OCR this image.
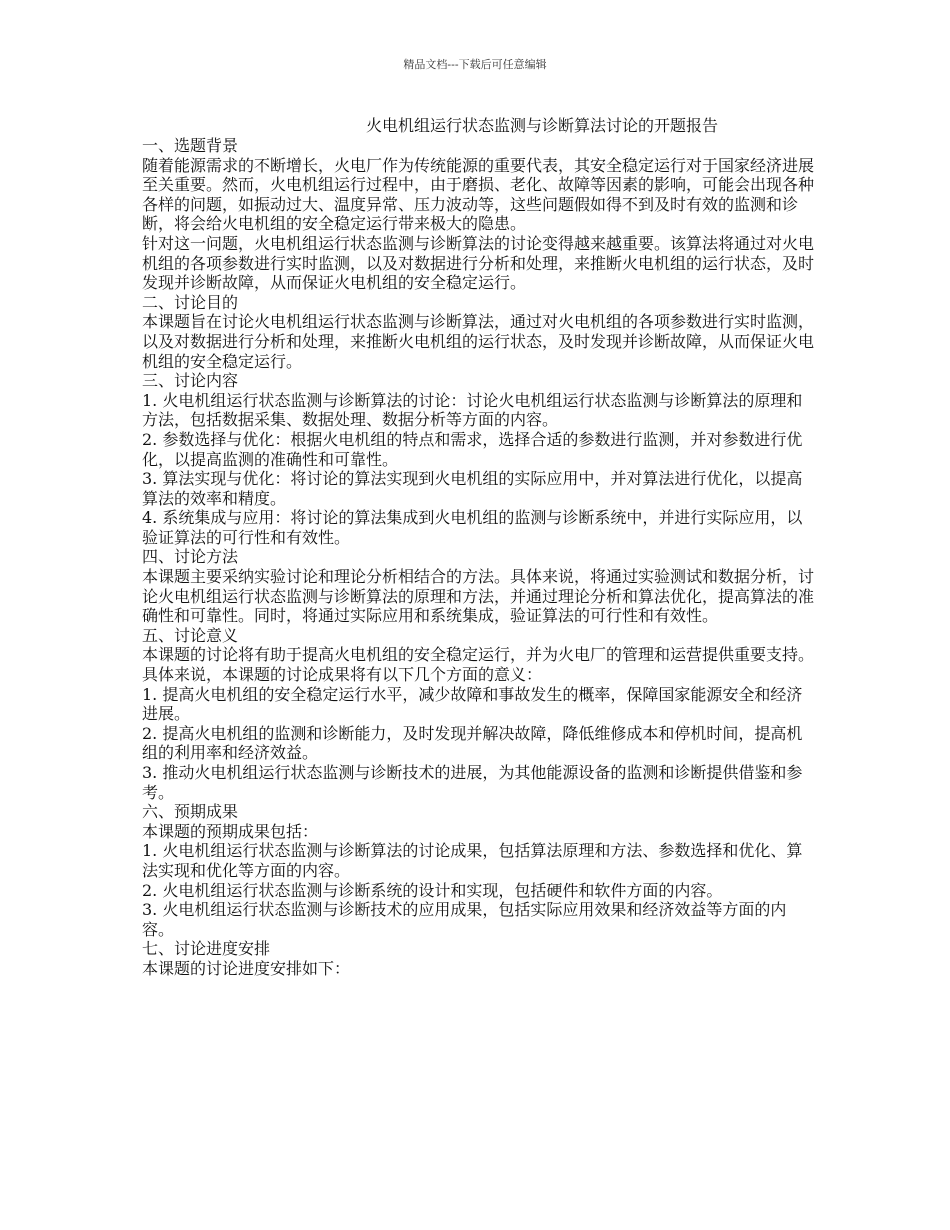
精品文档---下载后可任意编辑
火电机组运行状态监测与诊断算法讨论的开题报告

一、选题背景

随着能源需求的不断增长，火电厂作为传统能源的重要代表，其安全稳定运行对于国家经济进展至关重要。然而，火电机组运行过程中，由于磨损、老化、故障等因素的影响，可能会出现各种各样的问题，如振动过大、温度异常、压力波动等，这些问题假如得不到及时有效的监测和诊断，将会给火电机组的安全稳定运行带来极大的隐患。

针对这一问题，火电机组运行状态监测与诊断算法的讨论变得越来越重要。该算法将通过对火电机组的各项参数进行实时监测，以及对数据进行分析和处理，来推断火电机组的运行状态，及时发现并诊断故障，从而保证火电机组的安全稳定运行。

二、讨论目的

本课题旨在讨论火电机组运行状态监测与诊断算法，通过对火电机组的各项参数进行实时监测，以及对数据进行分析和处理，来推断火电机组的运行状态，及时发现并诊断故障，从而保证火电机组的安全稳定运行。

三、讨论内容

1. 火电机组运行状态监测与诊断算法的讨论：讨论火电机组运行状态监测与诊断算法的原理和方法，包括数据采集、数据处理、数据分析等方面的内容。

2. 参数选择与优化：根据火电机组的特点和需求，选择合适的参数进行监测，并对参数进行优化，以提高监测的准确性和可靠性。

3. 算法实现与优化：将讨论的算法实现到火电机组的实际应用中，并对算法进行优化，以提高算法的效率和精度。

4. 系统集成与应用：将讨论的算法集成到火电机组的监测与诊断系统中，并进行实际应用，以验证算法的可行性和有效性。

四、讨论方法

本课题主要采纳实验讨论和理论分析相结合的方法。具体来说，将通过实验测试和数据分析，讨论火电机组运行状态监测与诊断算法的原理和方法，并通过理论分析和算法优化，提高算法的准确性和可靠性。同时，将通过实际应用和系统集成，验证算法的可行性和有效性。

五、讨论意义

本课题的讨论将有助于提高火电机组的安全稳定运行，并为火电厂的管理和运营提供重要支持。具体来说，本课题的讨论成果将有以下几个方面的意义：

1. 提高火电机组的安全稳定运行水平，减少故障和事故发生的概率，保障国家能源安全和经济进展。

2. 提高火电机组的监测和诊断能力，及时发现并解决故障，降低维修成本和停机时间，提高机组的利用率和经济效益。

3. 推动火电机组运行状态监测与诊断技术的进展，为其他能源设备的监测和诊断提供借鉴和参考。

六、预期成果

本课题的预期成果包括：

1. 火电机组运行状态监测与诊断算法的讨论成果，包括算法原理和方法、参数选择和优化、算法实现和优化等方面的内容。

2. 火电机组运行状态监测与诊断系统的设计和实现，包括硬件和软件方面的内容。

3. 火电机组运行状态监测与诊断技术的应用成果，包括实际应用效果和经济效益等方面的内容。

七、讨论进度安排

本课题的讨论进度安排如下：
